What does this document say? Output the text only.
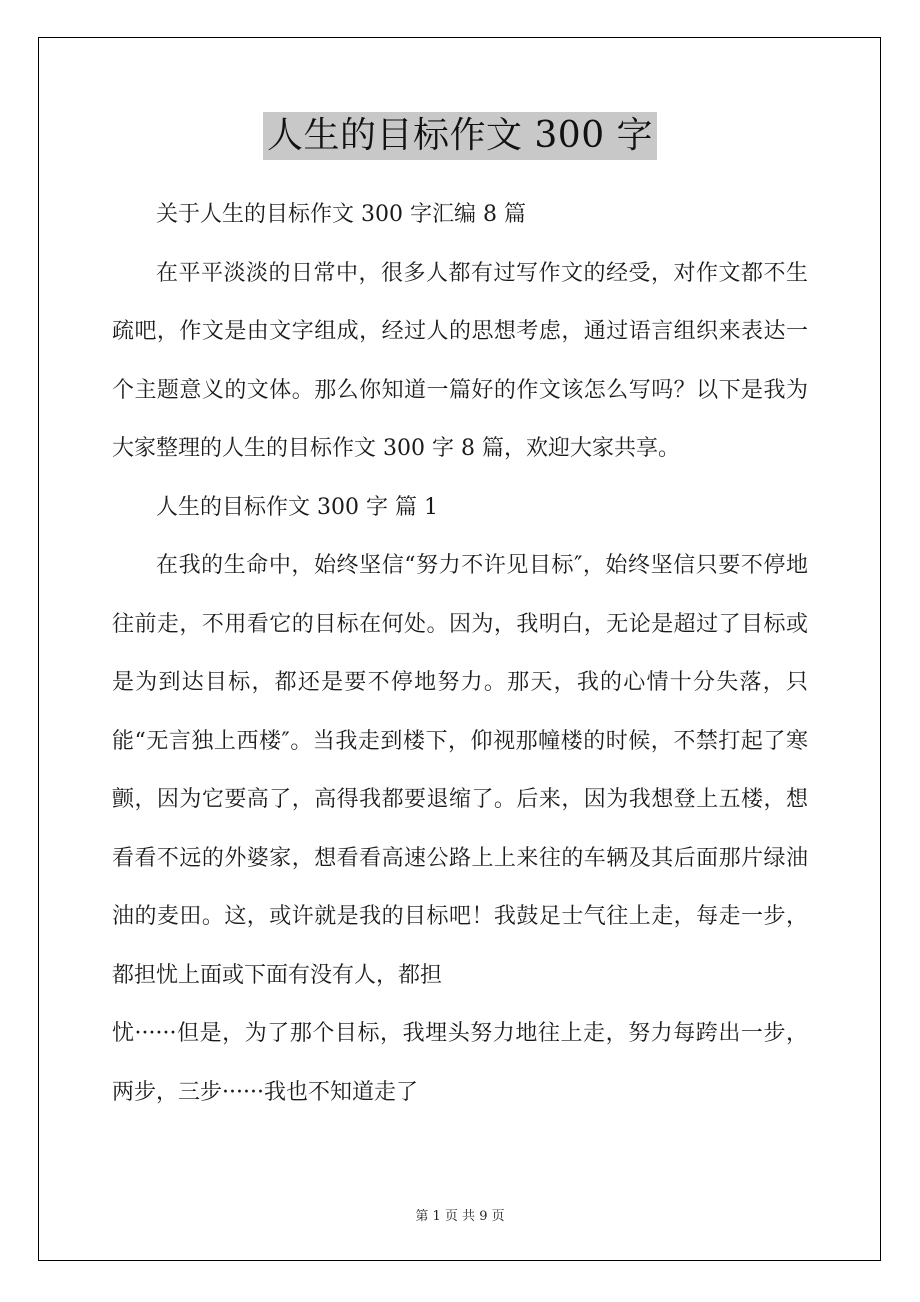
人生的目标作文 300 字

关于人生的目标作文 300 字汇编 8 篇

在平平淡淡的日常中，很多人都有过写作文的经受，对作文都不生疏吧，作文是由文字组成，经过人的思想考虑，通过语言组织来表达一个主题意义的文体。那么你知道一篇好的作文该怎么写吗？以下是我为大家整理的人生的目标作文 300 字 8 篇，欢迎大家共享。

人生的目标作文 300 字 篇 1

在我的生命中，始终坚信“努力不许见目标″，始终坚信只要不停地往前走，不用看它的目标在何处。因为，我明白，无论是超过了目标或是为到达目标，都还是要不停地努力。那天，我的心情十分失落，只能“无言独上西楼″。当我走到楼下，仰视那幢楼的时候，不禁打起了寒颤，因为它要高了，高得我都要退缩了。后来，因为我想登上五楼，想看看不远的外婆家，想看看高速公路上上来往的车辆及其后面那片绿油油的麦田。这，或许就是我的目标吧！我鼓足士气往上走，每走一步，都担忧上面或下面有没有人，都担

忧······但是，为了那个目标，我埋头努力地往上走，努力每跨出一步，两步，三步······我也不知道走了

第 1 页 共 9 页
